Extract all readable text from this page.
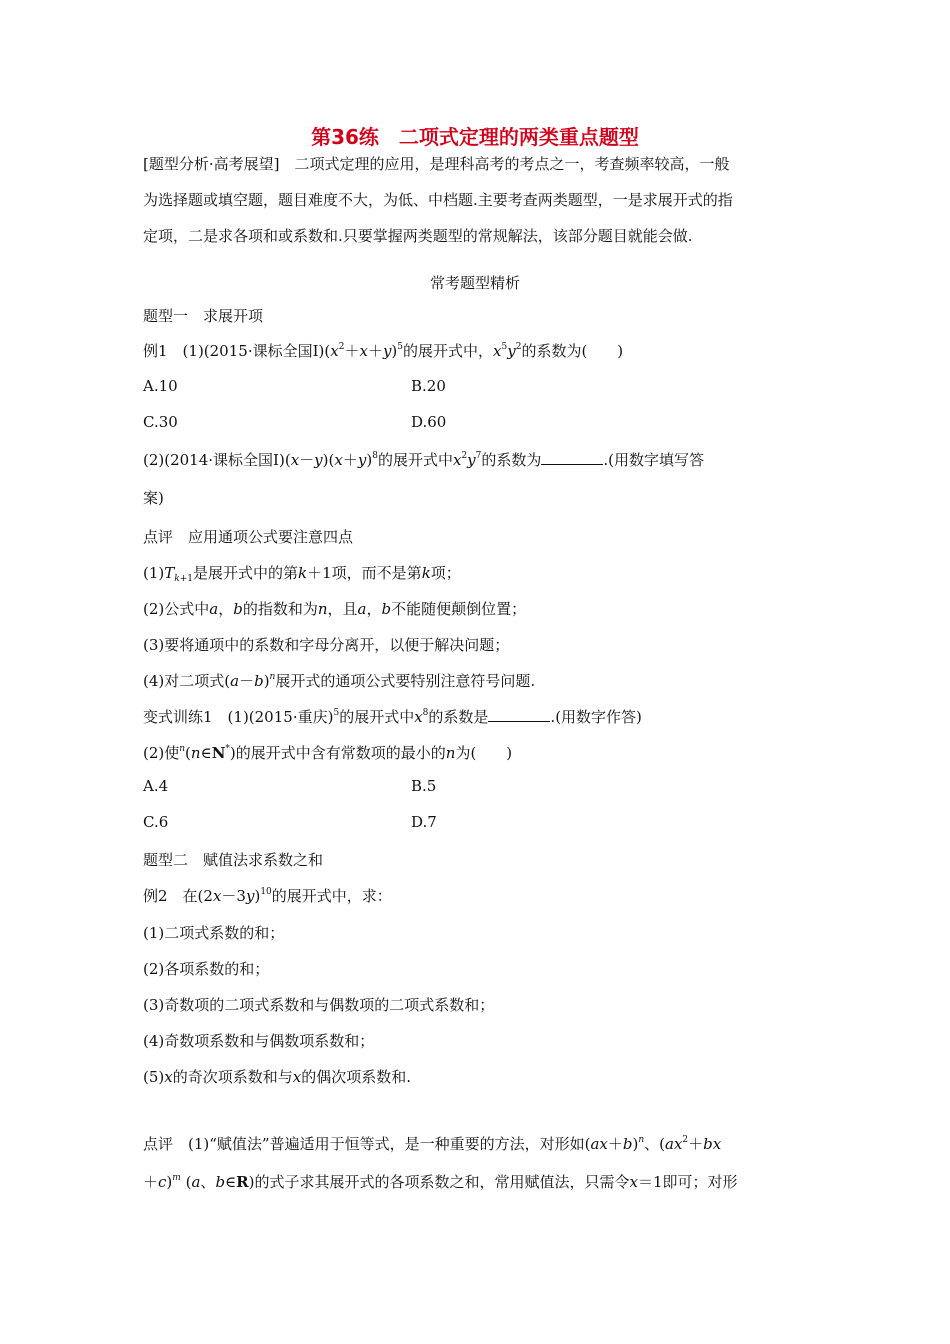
第36练　二项式定理的两类重点题型
[题型分析·高考展望]　二项式定理的应用，是理科高考的考点之一，考查频率较高，一般
为选择题或填空题，题目难度不大，为低、中档题.主要考查两类题型，一是求展开式的指
定项，二是求各项和或系数和.只要掌握两类题型的常规解法，该部分题目就能会做.
常考题型精析
题型一　求展开项
例1　(1)(2015·课标全国$Ⅰ)(x^2+x+y)^5$的展开式中，$x^5y^2$的系数为(　　)
A.10	B.20
C.30	D.60
(2)(2014·课标全国$Ⅰ)(x-y)(x+y)^8$的展开式中$x^2y^7$的系数为	.(用数字填写答
案)
点评　应用通项公式要注意四点
$(1)T_{k+1}$是展开式中的第k＋1项，而不是第k项；
(2)公式中a，b的指数和为n，且a，b不能随便颠倒位置；
(3)要将通项中的系数和字母分离开，以便于解决问题；
(4)对二项式$(a-b)^n$展开式的通项公式要特别注意符号问题.
变式训练1　(1)(2015·重庆)$^5$的展开式中$x^8$的系数是	.(用数字作答)
(2)使$^n$(n∈N*)的展开式中含有常数项的最小的n为(　　)
A.4	B.5
C.6	D.7
题型二　赋值法求系数之和
例2　在$(2x-3y)^{10}$的展开式中，求：
(1)二项式系数的和；
(2)各项系数的和；
(3)奇数项的二项式系数和与偶数项的二项式系数和；
(4)奇数项系数和与偶数项系数和；
(5)x的奇次项系数和与x的偶次项系数和.
点评　(1)“赋值法”普遍适用于恒等式，是一种重要的方法，对形如$(ax+b)^n$、($ax^2+bx$
＋c)$^m$ (a、b∈R)的式子求其展开式的各项系数之和，常用赋值法，只需令x＝1即可；对形
